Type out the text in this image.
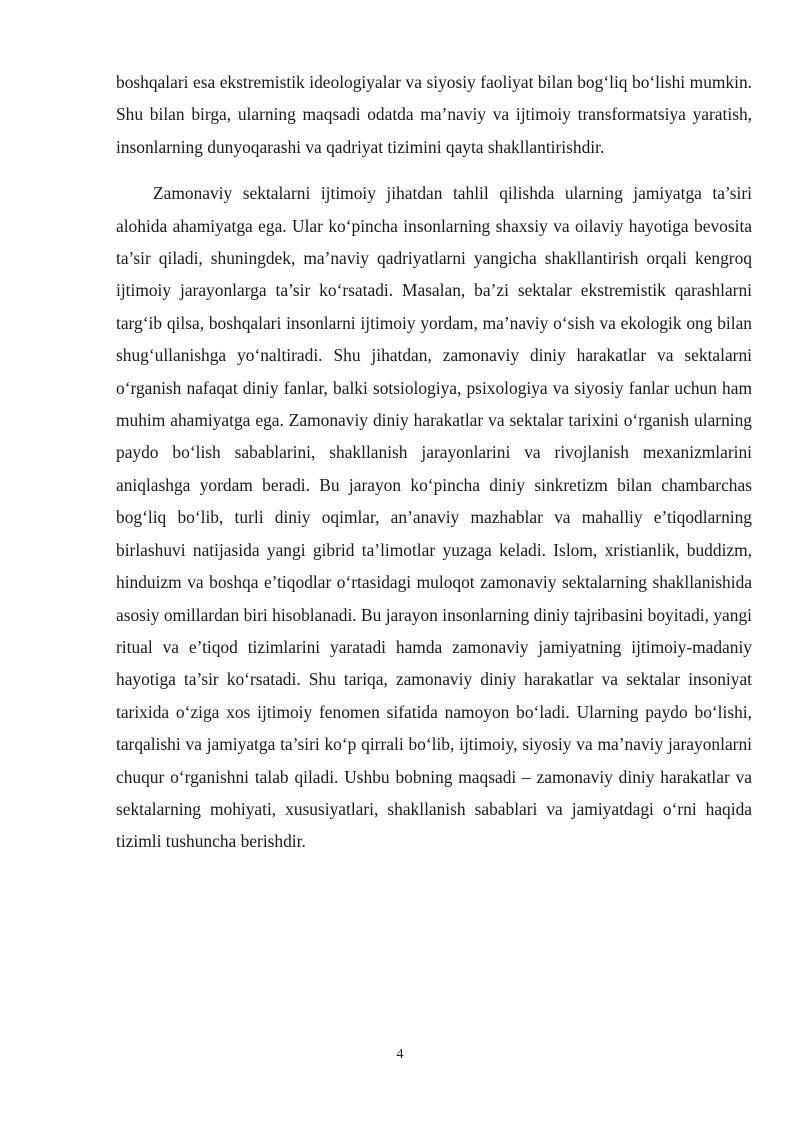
boshqalari esa ekstremistik ideologiyalar va siyosiy faoliyat bilan bog‘liq bo‘lishi mumkin. Shu bilan birga, ularning maqsadi odatda ma’naviy va ijtimoiy transformatsiya yaratish, insonlarning dunyoqarashi va qadriyat tizimini qayta shakllantirishdir.

Zamonaviy sektalarni ijtimoiy jihatdan tahlil qilishda ularning jamiyatga ta’siri alohida ahamiyatga ega. Ular ko‘pincha insonlarning shaxsiy va oilaviy hayotiga bevosita ta’sir qiladi, shuningdek, ma’naviy qadriyatlarni yangicha shakllantirish orqali kengroq ijtimoiy jarayonlarga ta’sir ko‘rsatadi. Masalan, ba’zi sektalar ekstremistik qarashlarni targ‘ib qilsa, boshqalari insonlarni ijtimoiy yordam, ma’naviy o‘sish va ekologik ong bilan shug‘ullanishga yo‘naltiradi. Shu jihatdan, zamonaviy diniy harakatlar va sektalarni o‘rganish nafaqat diniy fanlar, balki sotsiologiya, psixologiya va siyosiy fanlar uchun ham muhim ahamiyatga ega. Zamonaviy diniy harakatlar va sektalar tarixini o‘rganish ularning paydo bo‘lish sabablarini, shakllanish jarayonlarini va rivojlanish mexanizmlarini aniqlashga yordam beradi. Bu jarayon ko‘pincha diniy sinkretizm bilan chambarchas bog‘liq bo‘lib, turli diniy oqimlar, an’anaviy mazhablar va mahalliy e’tiqodlarning birlashuvi natijasida yangi gibrid ta’limotlar yuzaga keladi. Islom, xristianlik, buddizm, hinduizm va boshqa e’tiqodlar o‘rtasidagi muloqot zamonaviy sektalarning shakllanishida asosiy omillardan biri hisoblanadi. Bu jarayon insonlarning diniy tajribasini boyitadi, yangi ritual va e’tiqod tizimlarini yaratadi hamda zamonaviy jamiyatning ijtimoiy-madaniy hayotiga ta’sir ko‘rsatadi. Shu tariqa, zamonaviy diniy harakatlar va sektalar insoniyat tarixida o‘ziga xos ijtimoiy fenomen sifatida namoyon bo‘ladi. Ularning paydo bo‘lishi, tarqalishi va jamiyatga ta’siri ko‘p qirrali bo‘lib, ijtimoiy, siyosiy va ma’naviy jarayonlarni chuqur o‘rganishni talab qiladi. Ushbu bobning maqsadi – zamonaviy diniy harakatlar va sektalarning mohiyati, xususiyatlari, shakllanish sabablari va jamiyatdagi o‘rni haqida tizimli tushuncha berishdir.

4
